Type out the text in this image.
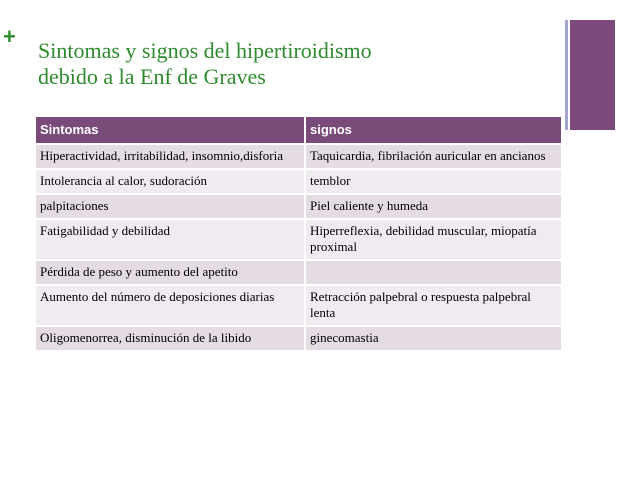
+
Sintomas y signos del hipertiroidismo
debido a la Enf de Graves
Sintomas	signos
Hiperactividad, irritabilidad, insomnio,disforia	Taquicardia, fibrilación auricular en ancianos
Intolerancia al calor, sudoración	temblor
palpitaciones	Piel caliente y humeda
Fatigabilidad y debilidad	Hiperreflexia, debilidad muscular, miopatía proximal
Pérdida de peso y aumento del apetito	
Aumento del número de deposiciones diarias	Retracción palpebral o respuesta palpebral lenta
Oligomenorrea, disminución de la libido	ginecomastia
